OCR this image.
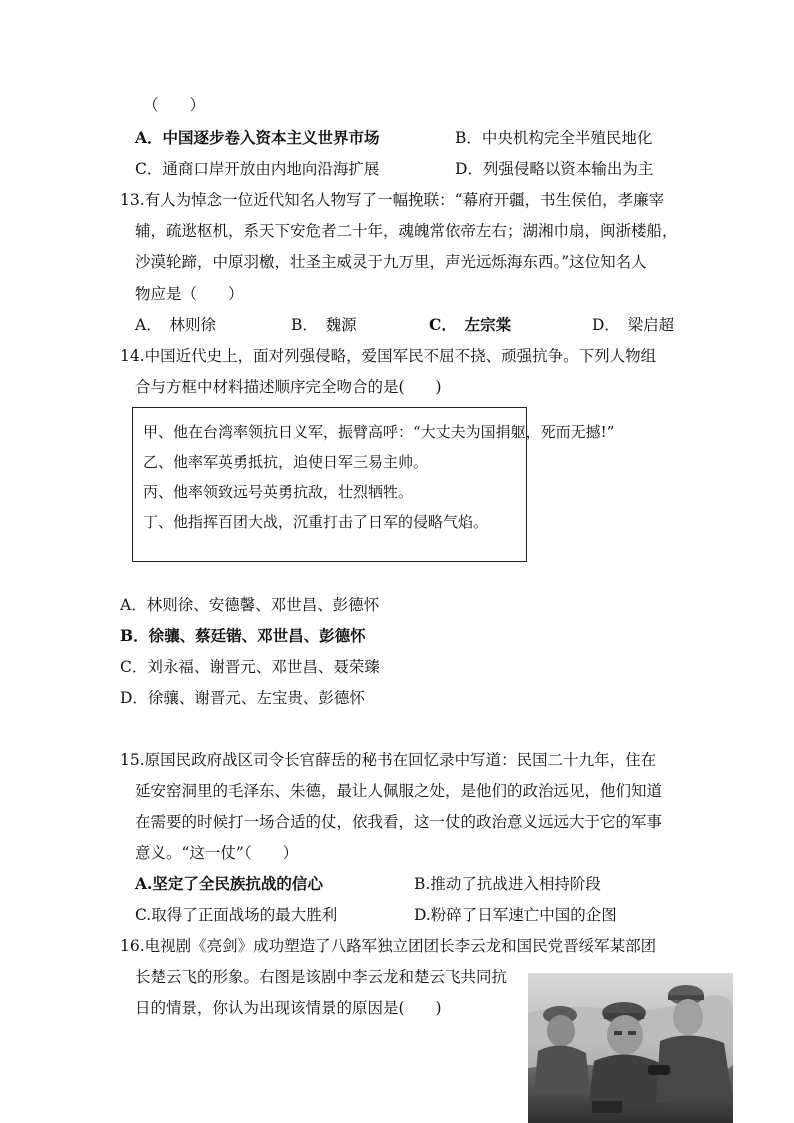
（　　）
A．中国逐步卷入资本主义世界市场	B．中央机构完全半殖民地化
C．通商口岸开放由内地向沿海扩展	D．列强侵略以资本输出为主
13.有人为悼念一位近代知名人物写了一幅挽联：“幕府开疆，书生侯伯，孝廉宰
辅，疏逖枢机，系天下安危者二十年，魂魄常依帝左右；湖湘巾扇，闽浙楼船，
沙漠轮蹄，中原羽檄，壮圣主威灵于九万里，声光远烁海东西。”这位知名人
物应是（　　）
A．　林则徐	B．　魏源	C．　左宗棠	D．　梁启超
14.中国近代史上，面对列强侵略，爱国军民不屈不挠、顽强抗争。下列人物组
合与方框中材料描述顺序完全吻合的是(　　)
甲、他在台湾率领抗日义军，振臂高呼：“大丈夫为国捐躯，死而无撼!”
乙、他率军英勇抵抗，迫使日军三易主帅。
丙、他率领致远号英勇抗敌，壮烈牺牲。
丁、他指挥百团大战，沉重打击了日军的侵略气焰。
A．林则徐、安德馨、邓世昌、彭德怀
B．徐骧、蔡廷锴、邓世昌、彭德怀
C．刘永福、谢晋元、邓世昌、聂荣臻
D．徐骧、谢晋元、左宝贵、彭德怀
15.原国民政府战区司令长官薛岳的秘书在回忆录中写道：民国二十九年，住在
延安窑洞里的毛泽东、朱德，最让人佩服之处，是他们的政治远见，他们知道
在需要的时候打一场合适的仗，依我看，这一仗的政治意义远远大于它的军事
意义。“这一仗”（　　）
A.坚定了全民族抗战的信心	B.推动了抗战进入相持阶段
C.取得了正面战场的最大胜利	D.粉碎了日军速亡中国的企图
16.电视剧《亮剑》成功塑造了八路军独立团团长李云龙和国民党晋绥军某部团
长楚云飞的形象。右图是该剧中李云龙和楚云飞共同抗
日的情景，你认为出现该情景的原因是(　　)
